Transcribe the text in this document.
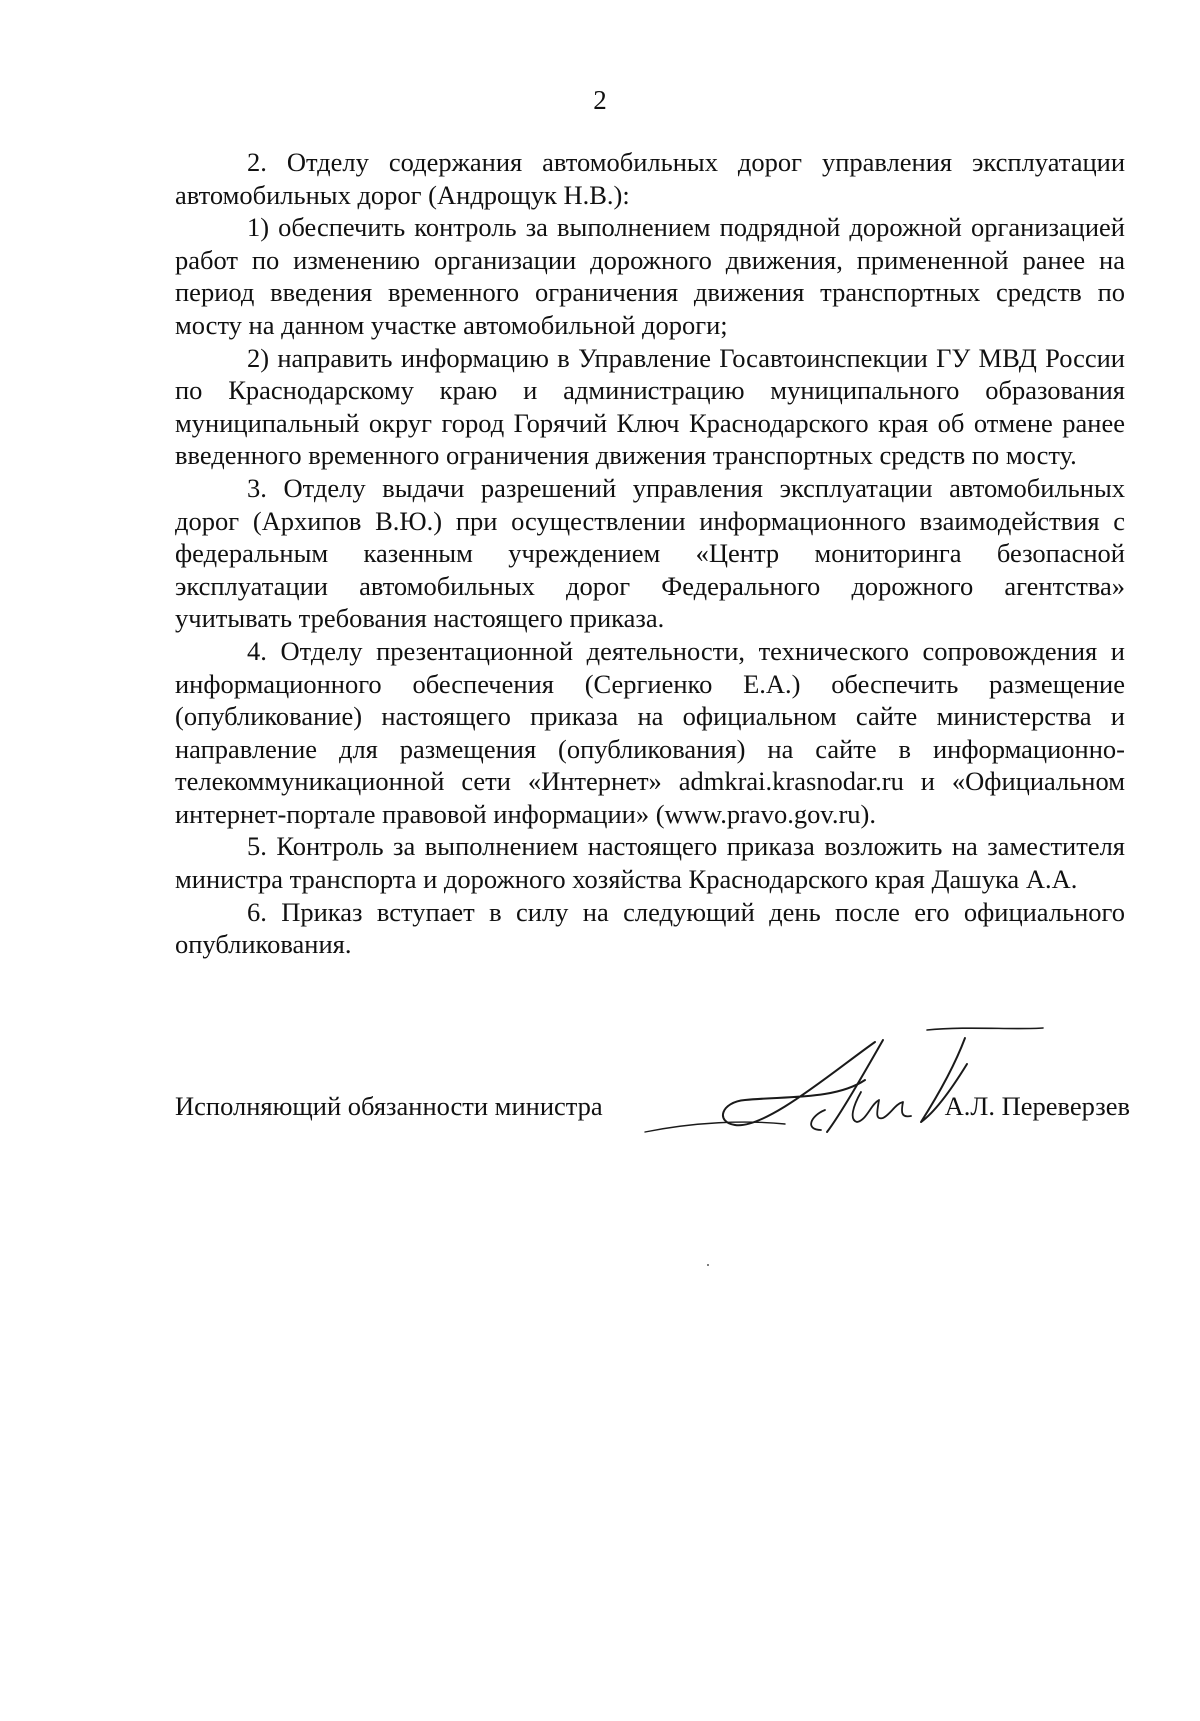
2

2. Отделу содержания автомобильных дорог управления эксплуатации автомобильных дорог (Андрощук Н.В.):

1) обеспечить контроль за выполнением подрядной дорожной организацией работ по изменению организации дорожного движения, примененной ранее на период введения временного ограничения движения транспортных средств по мосту на данном участке автомобильной дороги;

2) направить информацию в Управление Госавтоинспекции ГУ МВД России по Краснодарскому краю и администрацию муниципального образования муниципальный округ город Горячий Ключ Краснодарского края об отмене ранее введенного временного ограничения движения транспортных средств по мосту.

3. Отделу выдачи разрешений управления эксплуатации автомобильных дорог (Архипов В.Ю.) при осуществлении информационного взаимодействия с федеральным казенным учреждением «Центр мониторинга безопасной эксплуатации автомобильных дорог Федерального дорожного агентства» учитывать требования настоящего приказа.

4. Отделу презентационной деятельности, технического сопровождения и информационного обеспечения (Сергиенко Е.А.) обеспечить размещение (опубликование) настоящего приказа на официальном сайте министерства и направление для размещения (опубликования) на сайте в информационно-телекоммуникационной сети «Интернет» admkrai.krasnodar.ru и «Официальном интернет-портале правовой информации» (www.pravo.gov.ru).

5. Контроль за выполнением настоящего приказа возложить на заместителя министра транспорта и дорожного хозяйства Краснодарского края Дашука А.А.

6. Приказ вступает в силу на следующий день после его официального опубликования.

Исполняющий обязанности министра	А.Л. Переверзев
